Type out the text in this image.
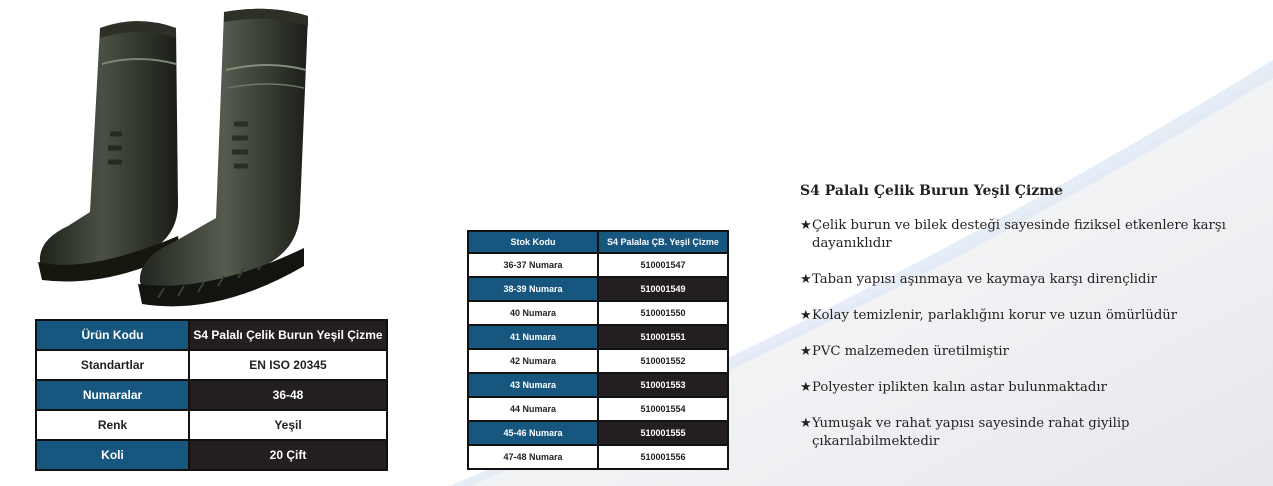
Ürün Kodu	S4 Palalı Çelik Burun Yeşil Çizme
Standartlar	EN ISO 20345
Numaralar	36-48
Renk	Yeşil
Koli	20 Çift
Stok Kodu	S4 Palalaı ÇB. Yeşil Çizme
36-37 Numara	510001547
38-39 Numara	510001549
40 Numara	510001550
41 Numara	510001551
42 Numara	510001552
43 Numara	510001553
44 Numara	510001554
45-46 Numara	510001555
47-48 Numara	510001556
S4 Palalı Çelik Burun Yeşil Çizme
★ Çelik burun ve bilek desteği sayesinde fiziksel etkenlere karşı dayanıklıdır
★ Taban yapısı aşınmaya ve kaymaya karşı dirençlidir
★ Kolay temizlenir, parlaklığını korur ve uzun ömürlüdür
★ PVC malzemeden üretilmiştir
★ Polyester iplikten kalın astar bulunmaktadır
★ Yumuşak ve rahat yapısı sayesinde rahat giyilip çıkarılabilmektedir
